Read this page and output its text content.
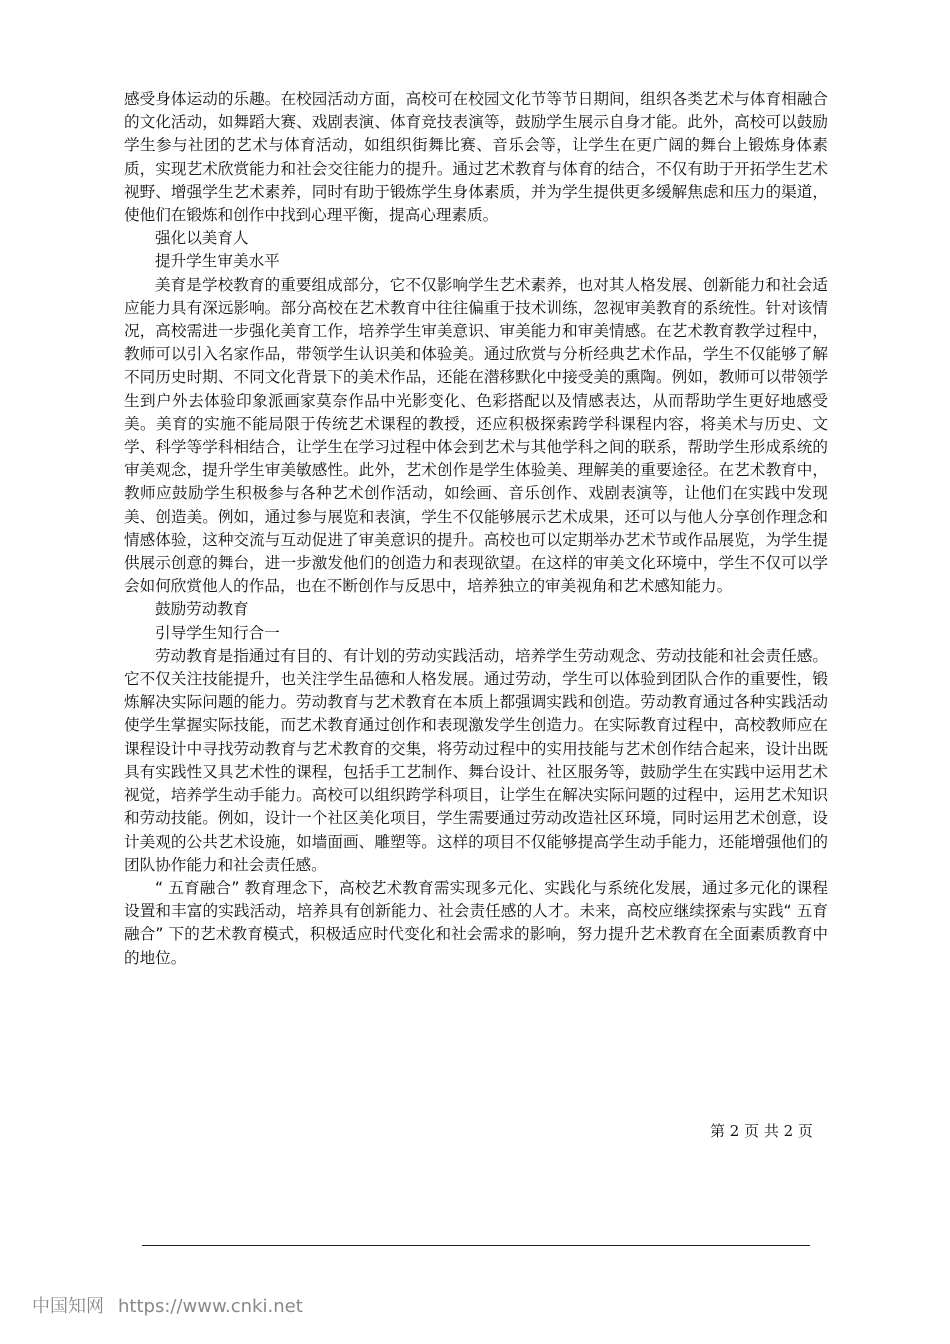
感受身体运动的乐趣。在校园活动方面，高校可在校园文化节等节日期间，组织各类艺术与体育相融合的文化活动，如舞蹈大赛、戏剧表演、体育竞技表演等，鼓励学生展示自身才能。此外，高校可以鼓励学生参与社团的艺术与体育活动，如组织街舞比赛、音乐会等，让学生在更广阔的舞台上锻炼身体素质，实现艺术欣赏能力和社会交往能力的提升。通过艺术教育与体育的结合，不仅有助于开拓学生艺术视野、增强学生艺术素养，同时有助于锻炼学生身体素质，并为学生提供更多缓解焦虑和压力的渠道，使他们在锻炼和创作中找到心理平衡，提高心理素质。

强化以美育人

提升学生审美水平

美育是学校教育的重要组成部分，它不仅影响学生艺术素养，也对其人格发展、创新能力和社会适应能力具有深远影响。部分高校在艺术教育中往往偏重于技术训练，忽视审美教育的系统性。针对该情况，高校需进一步强化美育工作，培养学生审美意识、审美能力和审美情感。在艺术教育教学过程中，教师可以引入名家作品，带领学生认识美和体验美。通过欣赏与分析经典艺术作品，学生不仅能够了解不同历史时期、不同文化背景下的美术作品，还能在潜移默化中接受美的熏陶。例如，教师可以带领学生到户外去体验印象派画家莫奈作品中光影变化、色彩搭配以及情感表达，从而帮助学生更好地感受美。美育的实施不能局限于传统艺术课程的教授，还应积极探索跨学科课程内容，将美术与历史、文学、科学等学科相结合，让学生在学习过程中体会到艺术与其他学科之间的联系，帮助学生形成系统的审美观念，提升学生审美敏感性。此外，艺术创作是学生体验美、理解美的重要途径。在艺术教育中，教师应鼓励学生积极参与各种艺术创作活动，如绘画、音乐创作、戏剧表演等，让他们在实践中发现美、创造美。例如，通过参与展览和表演，学生不仅能够展示艺术成果，还可以与他人分享创作理念和情感体验，这种交流与互动促进了审美意识的提升。高校也可以定期举办艺术节或作品展览，为学生提供展示创意的舞台，进一步激发他们的创造力和表现欲望。在这样的审美文化环境中，学生不仅可以学会如何欣赏他人的作品，也在不断创作与反思中，培养独立的审美视角和艺术感知能力。

鼓励劳动教育

引导学生知行合一

劳动教育是指通过有目的、有计划的劳动实践活动，培养学生劳动观念、劳动技能和社会责任感。它不仅关注技能提升，也关注学生品德和人格发展。通过劳动，学生可以体验到团队合作的重要性，锻炼解决实际问题的能力。劳动教育与艺术教育在本质上都强调实践和创造。劳动教育通过各种实践活动使学生掌握实际技能，而艺术教育通过创作和表现激发学生创造力。在实际教育过程中，高校教师应在课程设计中寻找劳动教育与艺术教育的交集，将劳动过程中的实用技能与艺术创作结合起来，设计出既具有实践性又具艺术性的课程，包括手工艺制作、舞台设计、社区服务等，鼓励学生在实践中运用艺术视觉，培养学生动手能力。高校可以组织跨学科项目，让学生在解决实际问题的过程中，运用艺术知识和劳动技能。例如，设计一个社区美化项目，学生需要通过劳动改造社区环境，同时运用艺术创意，设计美观的公共艺术设施，如墙面画、雕塑等。这样的项目不仅能够提高学生动手能力，还能增强他们的团队协作能力和社会责任感。

“ 五育融合” 教育理念下，高校艺术教育需实现多元化、实践化与系统化发展，通过多元化的课程设置和丰富的实践活动，培养具有创新能力、社会责任感的人才。未来，高校应继续探索与实践“ 五育融合” 下的艺术教育模式，积极适应时代变化和社会需求的影响，努力提升艺术教育在全面素质教育中的地位。

第 2 页 共 2 页
中国知网 https://www.cnki.net
